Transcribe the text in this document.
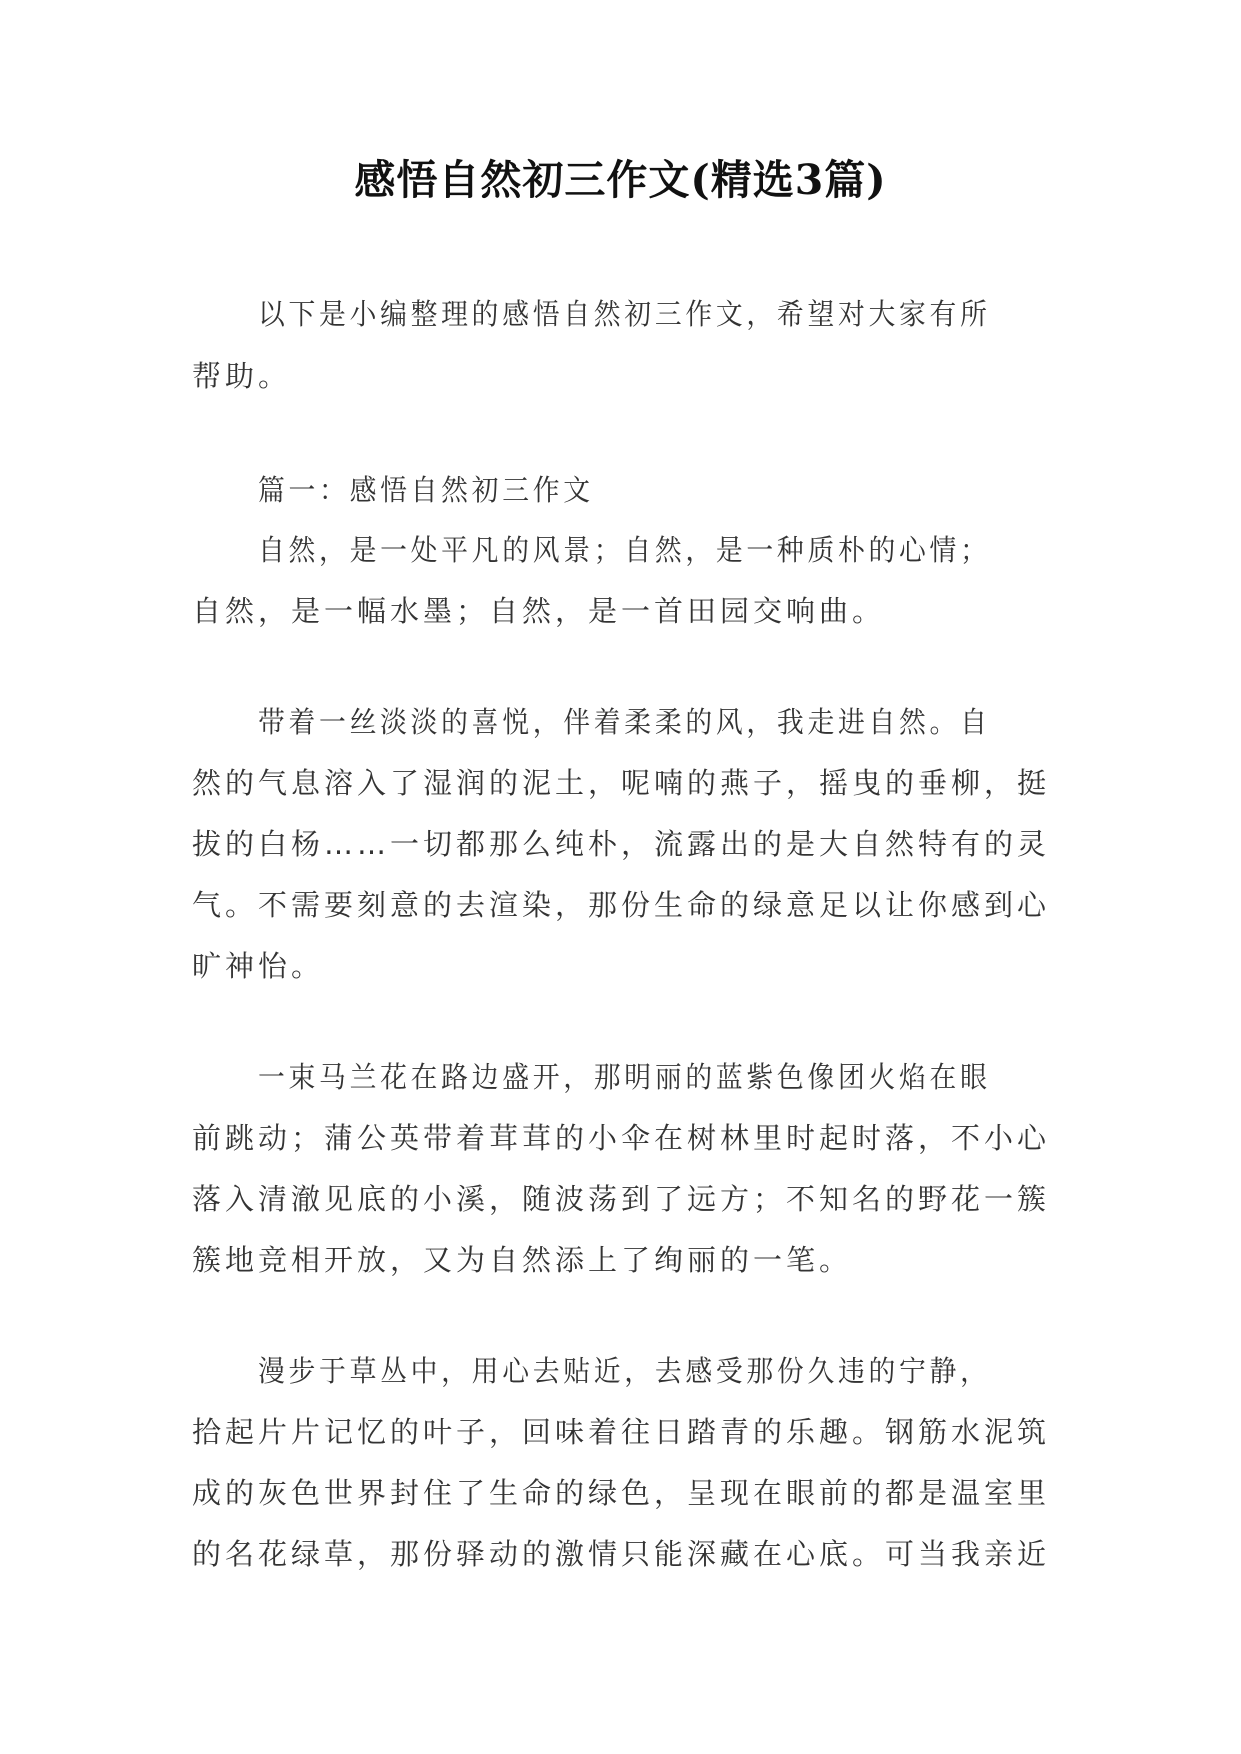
感悟自然初三作文(精选3篇)
以下是小编整理的感悟自然初三作文，希望对大家有所
帮助。
篇一：感悟自然初三作文
自然，是一处平凡的风景；自然，是一种质朴的心情；
自然，是一幅水墨；自然，是一首田园交响曲。
带着一丝淡淡的喜悦，伴着柔柔的风，我走进自然。自
然的气息溶入了湿润的泥土，呢喃的燕子，摇曳的垂柳，挺
拔的白杨……一切都那么纯朴，流露出的是大自然特有的灵
气。不需要刻意的去渲染，那份生命的绿意足以让你感到心
旷神怡。
一束马兰花在路边盛开，那明丽的蓝紫色像团火焰在眼
前跳动；蒲公英带着茸茸的小伞在树林里时起时落，不小心
落入清澈见底的小溪，随波荡到了远方；不知名的野花一簇
簇地竞相开放，又为自然添上了绚丽的一笔。
漫步于草丛中，用心去贴近，去感受那份久违的宁静，
拾起片片记忆的叶子，回味着往日踏青的乐趣。钢筋水泥筑
成的灰色世界封住了生命的绿色，呈现在眼前的都是温室里
的名花绿草，那份驿动的激情只能深藏在心底。可当我亲近
